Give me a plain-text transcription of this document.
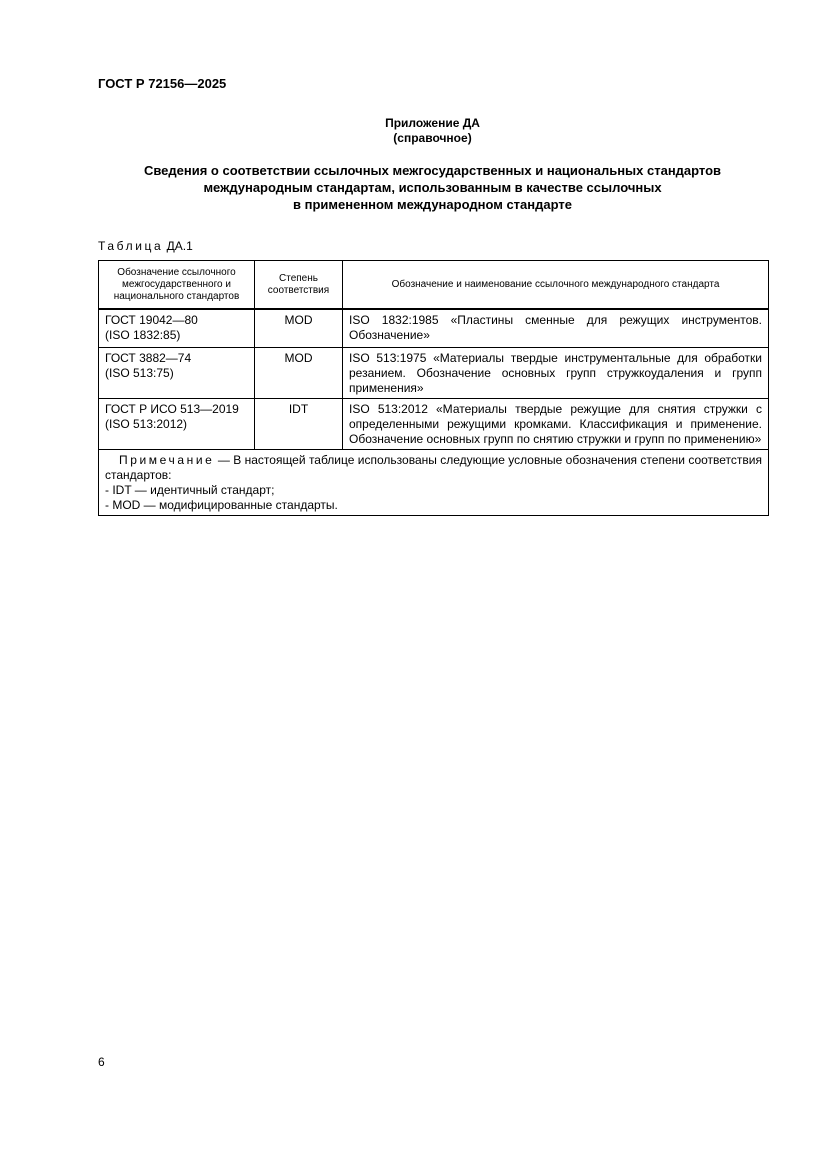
ГОСТ Р 72156—2025
Приложение ДА
(справочное)
Сведения о соответствии ссылочных межгосударственных и национальных стандартов
международным стандартам, использованным в качестве ссылочных
в примененном международном стандарте
Таблица ДА.1
Обозначение ссылочного межгосударственного и национального стандартов	Степень соответствия	Обозначение и наименование ссылочного международного стандарта

ГОСТ 19042—80
(ISO 1832:85)	MOD	ISO 1832:1985 «Пластины сменные для режущих инструментов. Обозначение»

ГОСТ 3882—74
(ISO 513:75)	MOD	ISO 513:1975 «Материалы твердые инструментальные для обработки резанием. Обозначение основных групп стружкоудаления и групп применения»

ГОСТ Р ИСО 513—2019
(ISO 513:2012)	IDT	ISO 513:2012 «Материалы твердые режущие для снятия стружки с определенными режущими кромками. Классификация и применение. Обозначение основных групп по снятию стружки и групп по применению»
Примечание — В настоящей таблице использованы следующие условные обозначения степени соответствия стандартов:
- IDT — идентичный стандарт;
- MOD — модифицированные стандарты.		
6
